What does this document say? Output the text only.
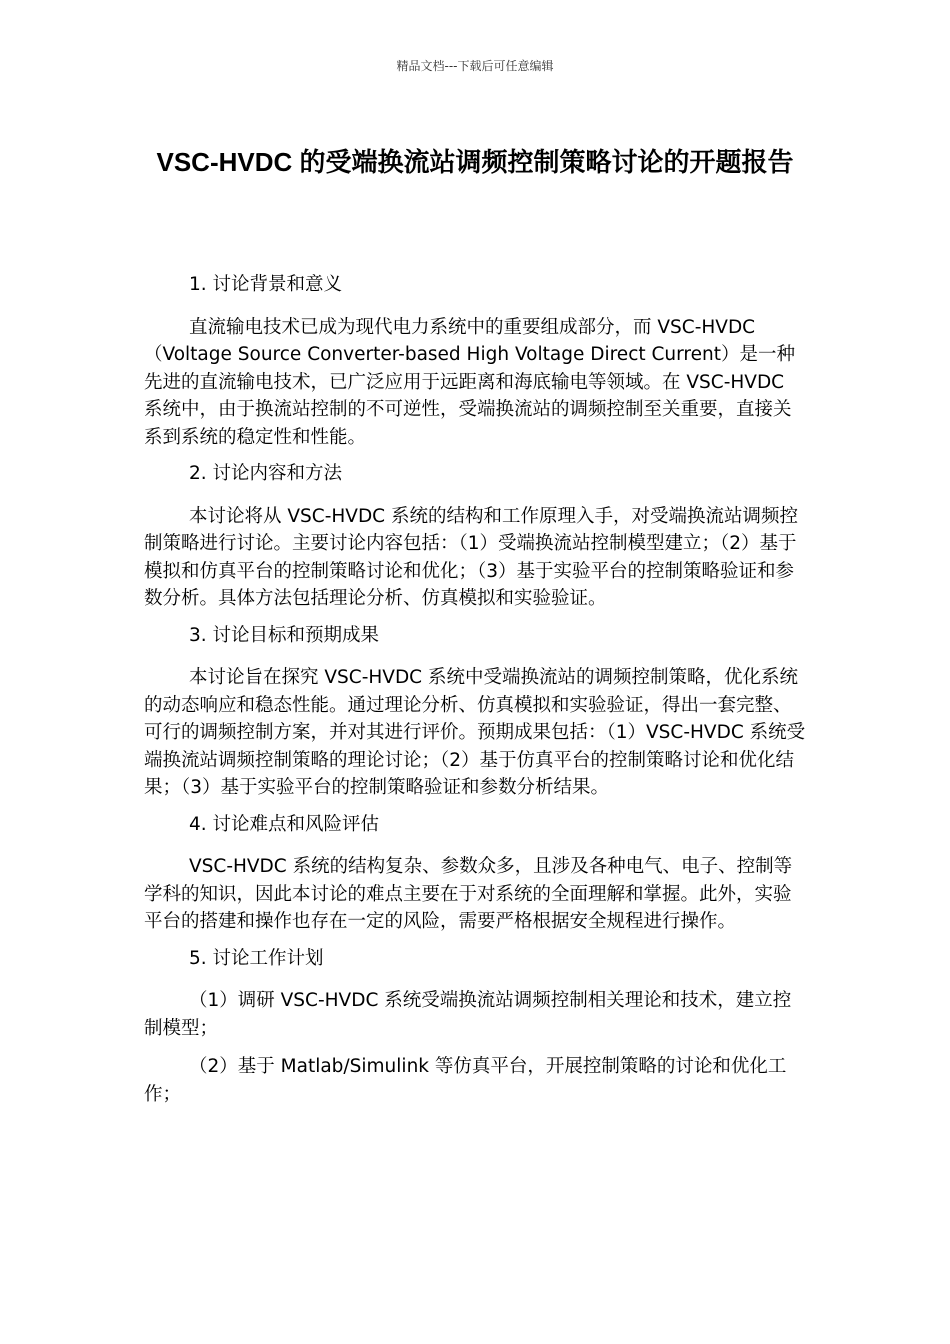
精品文档---下载后可任意编辑
VSC-HVDC 的受端换流站调频控制策略讨论的开题报告

1. 讨论背景和意义

直流输电技术已成为现代电力系统中的重要组成部分，而 VSC-HVDC（Voltage Source Converter-based High Voltage Direct Current）是一种先进的直流输电技术，已广泛应用于远距离和海底输电等领域。在 VSC-HVDC 系统中，由于换流站控制的不可逆性，受端换流站的调频控制至关重要，直接关系到系统的稳定性和性能。

2. 讨论内容和方法

本讨论将从 VSC-HVDC 系统的结构和工作原理入手，对受端换流站调频控制策略进行讨论。主要讨论内容包括：（1）受端换流站控制模型建立；（2）基于模拟和仿真平台的控制策略讨论和优化；（3）基于实验平台的控制策略验证和参数分析。具体方法包括理论分析、仿真模拟和实验验证。

3. 讨论目标和预期成果

本讨论旨在探究 VSC-HVDC 系统中受端换流站的调频控制策略，优化系统的动态响应和稳态性能。通过理论分析、仿真模拟和实验验证，得出一套完整、可行的调频控制方案，并对其进行评价。预期成果包括：（1）VSC-HVDC 系统受端换流站调频控制策略的理论讨论；（2）基于仿真平台的控制策略讨论和优化结果；（3）基于实验平台的控制策略验证和参数分析结果。

4. 讨论难点和风险评估

VSC-HVDC 系统的结构复杂、参数众多，且涉及各种电气、电子、控制等学科的知识，因此本讨论的难点主要在于对系统的全面理解和掌握。此外，实验平台的搭建和操作也存在一定的风险，需要严格根据安全规程进行操作。

5. 讨论工作计划

（1）调研 VSC-HVDC 系统受端换流站调频控制相关理论和技术，建立控制模型；

（2）基于 Matlab/Simulink 等仿真平台，开展控制策略的讨论和优化工作；
